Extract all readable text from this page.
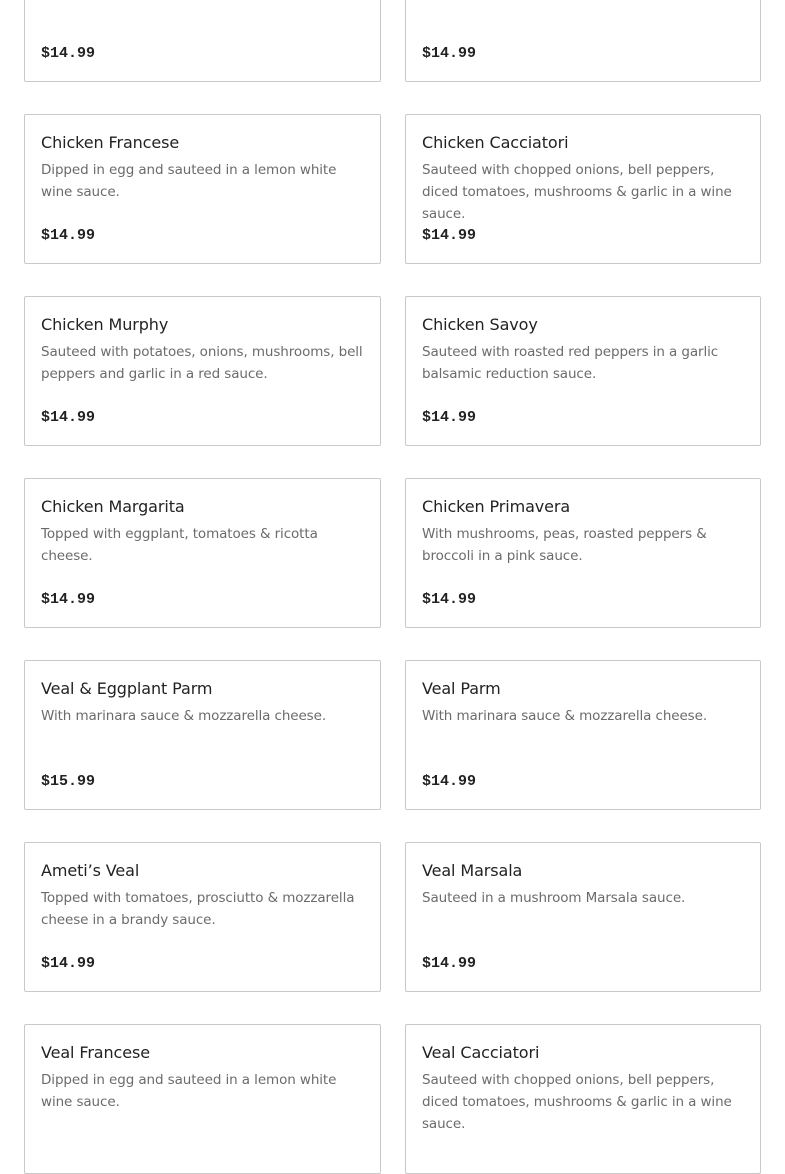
$14.99	$14.99
Chicken Francese

Dipped in egg and sauteed in a lemon white wine sauce.

$14.99
Chicken Cacciatori

Sauteed with chopped onions, bell peppers, diced tomatoes, mushrooms & garlic in a wine sauce.

$14.99
Chicken Murphy

Sauteed with potatoes, onions, mushrooms, bell peppers and garlic in a red sauce.

$14.99
Chicken Savoy

Sauteed with roasted red peppers in a garlic balsamic reduction sauce.

$14.99
Chicken Margarita

Topped with eggplant, tomatoes & ricotta cheese.

$14.99
Chicken Primavera

With mushrooms, peas, roasted peppers & broccoli in a pink sauce.

$14.99
Veal & Eggplant Parm

With marinara sauce & mozzarella cheese.

$15.99
Veal Parm

With marinara sauce & mozzarella cheese.

$14.99
Ameti’s Veal

Topped with tomatoes, prosciutto & mozzarella cheese in a brandy sauce.

$14.99
Veal Marsala

Sauteed in a mushroom Marsala sauce.

$14.99
Veal Francese

Dipped in egg and sauteed in a lemon white wine sauce.

Veal Cacciatori

Sauteed with chopped onions, bell peppers, diced tomatoes, mushrooms & garlic in a wine sauce.
